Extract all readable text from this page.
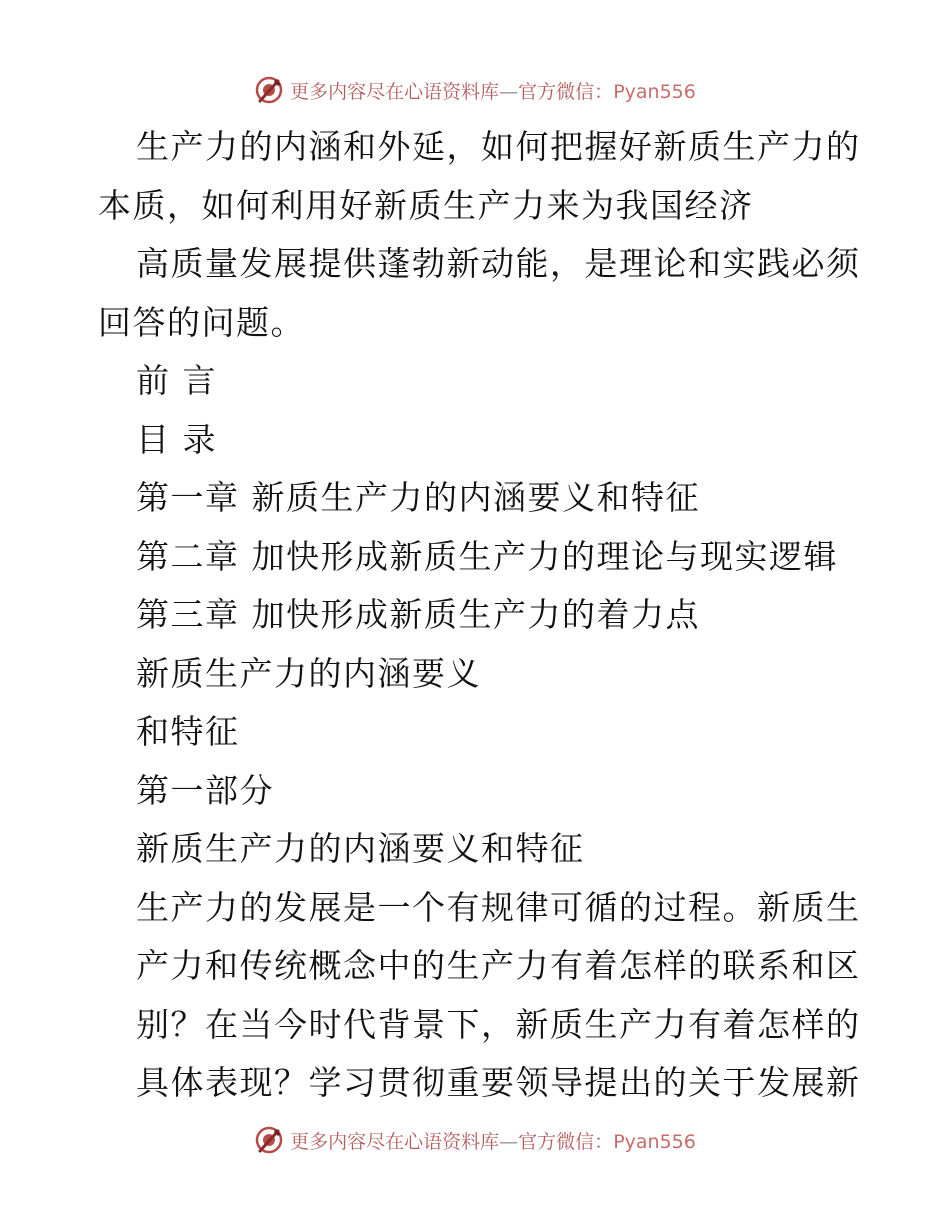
更多内容尽在心语资料库—官方微信：Pyan556
生产力的内涵和外延，如何把握好新质生产力的
本质，如何利用好新质生产力来为我国经济
高质量发展提供蓬勃新动能，是理论和实践必须
回答的问题。
前 言
目 录
第一章 新质生产力的内涵要义和特征
第二章 加快形成新质生产力的理论与现实逻辑
第三章 加快形成新质生产力的着力点
新质生产力的内涵要义
和特征
第一部分
新质生产力的内涵要义和特征
生产力的发展是一个有规律可循的过程。新质生
产力和传统概念中的生产力有着怎样的联系和区
别？在当今时代背景下，新质生产力有着怎样的
具体表现？学习贯彻重要领导提出的关于发展新
更多内容尽在心语资料库—官方微信：Pyan556
